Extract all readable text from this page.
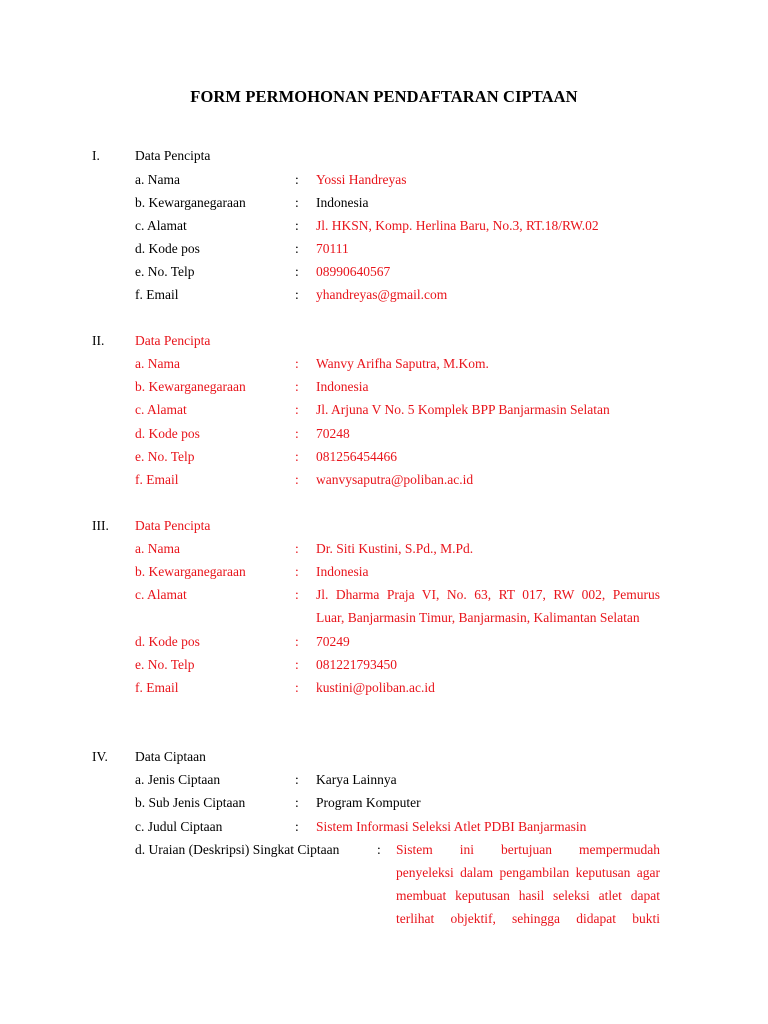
FORM PERMOHONAN PENDAFTARAN CIPTAAN
I.	Data Pencipta
a. Nama	: Yossi Handreyas
b. Kewarganegaraan	: Indonesia
c. Alamat	: Jl. HKSN, Komp. Herlina Baru, No.3, RT.18/RW.02
d. Kode pos	: 70111
e. No. Telp	: 08990640567
f. Email	: yhandreyas@gmail.com
II. Data Pencipta
a. Nama	: Wanvy Arifha Saputra, M.Kom.
b. Kewarganegaraan	: Indonesia
c. Alamat	: Jl. Arjuna V No. 5 Komplek BPP Banjarmasin Selatan
d. Kode pos	: 70248
e. No. Telp	: 081256454466
f. Email	: wanvysaputra@poliban.ac.id
III. Data Pencipta
a. Nama	: Dr. Siti Kustini, S.Pd., M.Pd.
b. Kewarganegaraan	: Indonesia
c. Alamat	: Jl. Dharma Praja VI, No. 63, RT 017, RW 002, Pemurus
Luar, Banjarmasin Timur, Banjarmasin, Kalimantan Selatan
d. Kode pos	: 70249
e. No. Telp	: 081221793450
f. Email	: kustini@poliban.ac.id
IV. Data Ciptaan
a. Jenis Ciptaan	: Karya Lainnya
b. Sub Jenis Ciptaan	: Program Komputer
c. Judul Ciptaan	: Sistem Informasi Seleksi Atlet PDBI Banjarmasin
d. Uraian (Deskripsi) Singkat Ciptaan	: Sistem ini bertujuan mempermudah
penyeleksi dalam pengambilan keputusan agar
membuat keputusan hasil seleksi atlet dapat
terlihat objektif, sehingga didapat bukti
